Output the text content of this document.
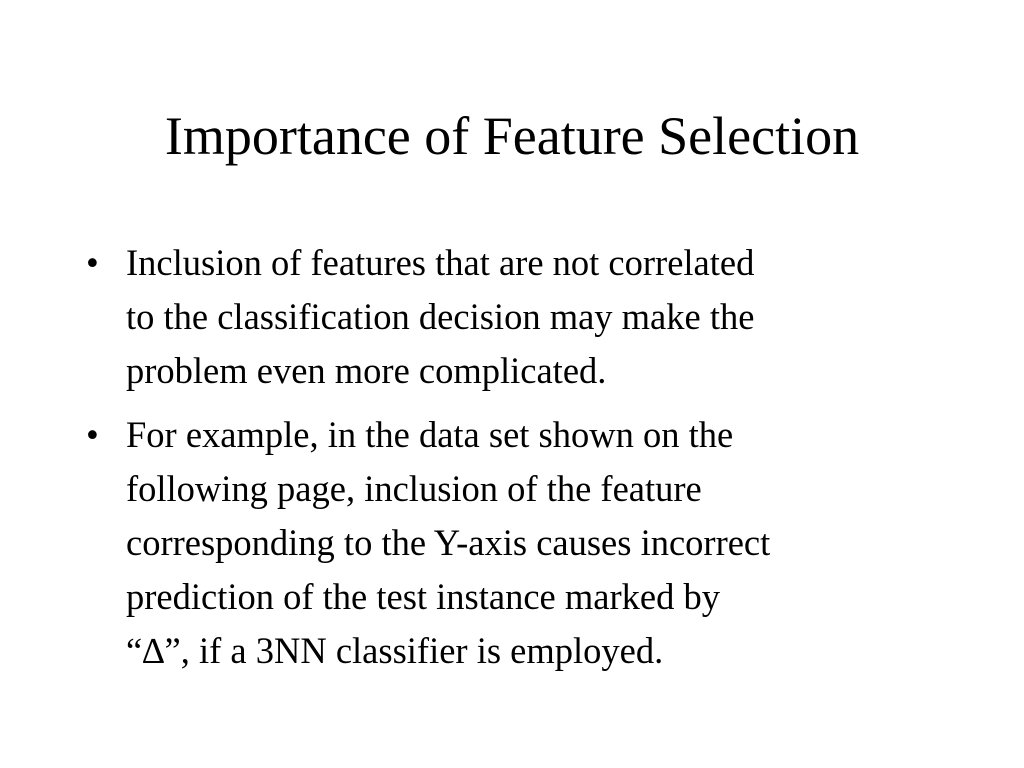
Importance of Feature Selection
• Inclusion of features that are not correlated
to the classification decision may make the
problem even more complicated.
• For example, in the data set shown on the
following page, inclusion of the feature
corresponding to the Y-axis causes incorrect
prediction of the test instance marked by
“∆”, if a 3NN classifier is employed.
